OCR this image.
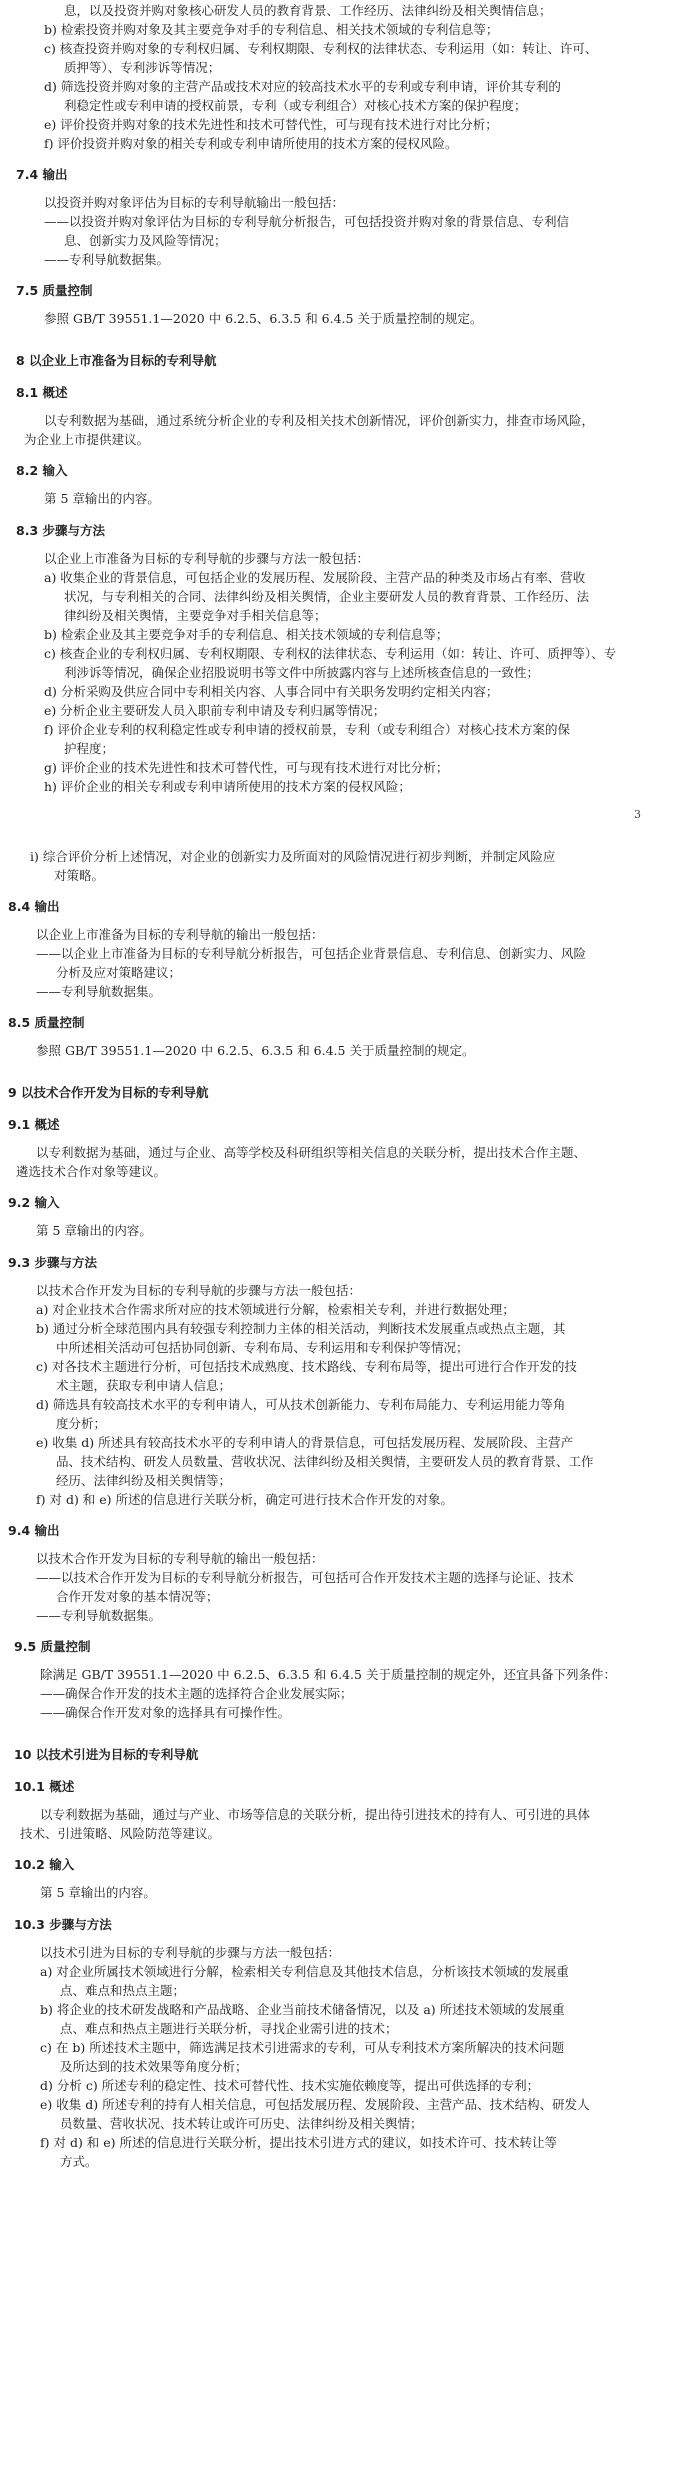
息，以及投资并购对象核心研发人员的教育背景、工作经历、法律纠纷及相关舆情信息；
b) 检索投资并购对象及其主要竞争对手的专利信息、相关技术领域的专利信息等；
c) 核查投资并购对象的专利权归属、专利权期限、专利权的法律状态、专利运用（如：转让、许可、
质押等）、专利涉诉等情况；
d) 筛选投资并购对象的主营产品或技术对应的较高技术水平的专利或专利申请，评价其专利的
利稳定性或专利申请的授权前景，专利（或专利组合）对核心技术方案的保护程度；
e) 评价投资并购对象的技术先进性和技术可替代性，可与现有技术进行对比分析；
f) 评价投资并购对象的相关专利或专利申请所使用的技术方案的侵权风险。
7.4 输出
以投资并购对象评估为目标的专利导航输出一般包括：
——以投资并购对象评估为目标的专利导航分析报告，可包括投资并购对象的背景信息、专利信
息、创新实力及风险等情况；
——专利导航数据集。
7.5 质量控制
参照 GB/T 39551.1—2020 中 6.2.5、6.3.5 和 6.4.5 关于质量控制的规定。
8 以企业上市准备为目标的专利导航
8.1 概述
以专利数据为基础，通过系统分析企业的专利及相关技术创新情况，评价创新实力，排查市场风险，
为企业上市提供建议。
8.2 输入
第 5 章输出的内容。
8.3 步骤与方法
以企业上市准备为目标的专利导航的步骤与方法一般包括：
a) 收集企业的背景信息，可包括企业的发展历程、发展阶段、主营产品的种类及市场占有率、营收
状况，与专利相关的合同、法律纠纷及相关舆情，企业主要研发人员的教育背景、工作经历、法
律纠纷及相关舆情，主要竞争对手相关信息等；
b) 检索企业及其主要竞争对手的专利信息、相关技术领域的专利信息等；
c) 核查企业的专利权归属、专利权期限、专利权的法律状态、专利运用（如：转让、许可、质押等）、专
利涉诉等情况，确保企业招股说明书等文件中所披露内容与上述所核查信息的一致性；
d) 分析采购及供应合同中专利相关内容、人事合同中有关职务发明约定相关内容；
e) 分析企业主要研发人员入职前专利申请及专利归属等情况；
f) 评价企业专利的权利稳定性或专利申请的授权前景，专利（或专利组合）对核心技术方案的保
护程度；
g) 评价企业的技术先进性和技术可替代性，可与现有技术进行对比分析；
h) 评价企业的相关专利或专利申请所使用的技术方案的侵权风险；
3
i) 综合评价分析上述情况，对企业的创新实力及所面对的风险情况进行初步判断，并制定风险应
对策略。
8.4 输出
以企业上市准备为目标的专利导航的输出一般包括：
——以企业上市准备为目标的专利导航分析报告，可包括企业背景信息、专利信息、创新实力、风险
分析及应对策略建议；
——专利导航数据集。
8.5 质量控制
参照 GB/T 39551.1—2020 中 6.2.5、6.3.5 和 6.4.5 关于质量控制的规定。
9 以技术合作开发为目标的专利导航
9.1 概述
以专利数据为基础，通过与企业、高等学校及科研组织等相关信息的关联分析，提出技术合作主题、
遴选技术合作对象等建议。
9.2 输入
第 5 章输出的内容。
9.3 步骤与方法
以技术合作开发为目标的专利导航的步骤与方法一般包括：
a) 对企业技术合作需求所对应的技术领域进行分解，检索相关专利，并进行数据处理；
b) 通过分析全球范围内具有较强专利控制力主体的相关活动，判断技术发展重点或热点主题，其
中所述相关活动可包括协同创新、专利布局、专利运用和专利保护等情况；
c) 对各技术主题进行分析，可包括技术成熟度、技术路线、专利布局等，提出可进行合作开发的技
术主题，获取专利申请人信息；
d) 筛选具有较高技术水平的专利申请人，可从技术创新能力、专利布局能力、专利运用能力等角
度分析；
e) 收集 d) 所述具有较高技术水平的专利申请人的背景信息，可包括发展历程、发展阶段、主营产
品、技术结构、研发人员数量、营收状况、法律纠纷及相关舆情，主要研发人员的教育背景、工作
经历、法律纠纷及相关舆情等；
f) 对 d) 和 e) 所述的信息进行关联分析，确定可进行技术合作开发的对象。
9.4 输出
以技术合作开发为目标的专利导航的输出一般包括：
——以技术合作开发为目标的专利导航分析报告，可包括可合作开发技术主题的选择与论证、技术
合作开发对象的基本情况等；
——专利导航数据集。
9.5 质量控制
除满足 GB/T 39551.1—2020 中 6.2.5、6.3.5 和 6.4.5 关于质量控制的规定外，还宜具备下列条件：
——确保合作开发的技术主题的选择符合企业发展实际；
——确保合作开发对象的选择具有可操作性。
10 以技术引进为目标的专利导航
10.1 概述
以专利数据为基础，通过与产业、市场等信息的关联分析，提出待引进技术的持有人、可引进的具体
技术、引进策略、风险防范等建议。
10.2 输入
第 5 章输出的内容。
10.3 步骤与方法
以技术引进为目标的专利导航的步骤与方法一般包括：
a) 对企业所属技术领域进行分解，检索相关专利信息及其他技术信息，分析该技术领域的发展重
点、难点和热点主题；
b) 将企业的技术研发战略和产品战略、企业当前技术储备情况，以及 a) 所述技术领域的发展重
点、难点和热点主题进行关联分析，寻找企业需引进的技术；
c) 在 b) 所述技术主题中，筛选满足技术引进需求的专利，可从专利技术方案所解决的技术问题
及所达到的技术效果等角度分析；
d) 分析 c) 所述专利的稳定性、技术可替代性、技术实施依赖度等，提出可供选择的专利；
e) 收集 d) 所述专利的持有人相关信息，可包括发展历程、发展阶段、主营产品、技术结构、研发人
员数量、营收状况、技术转让或许可历史、法律纠纷及相关舆情；
f) 对 d) 和 e) 所述的信息进行关联分析，提出技术引进方式的建议，如技术许可、技术转让等
方式。
